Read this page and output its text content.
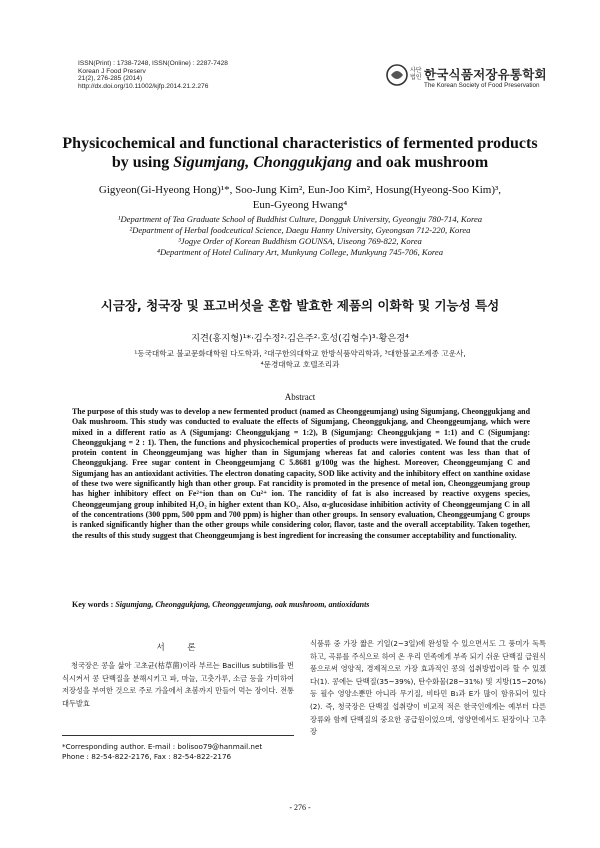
ISSN(Print) : 1738-7248, ISSN(Online) : 2287-7428
Korean J Food Preserv
21(2), 276-285 (2014)
http://dx.doi.org/10.11002/kjfp.2014.21.2.276
사단
법인 한국식품저장유통학회
The Korean Society of Food Preservation
Physicochemical and functional characteristics of fermented products
by using Sigumjang, Chonggukjang and oak mushroom
Gigyeon(Gi-Hyeong Hong)¹*, Soo-Jung Kim², Eun-Joo Kim², Hosung(Hyeong-Soo Kim)³,
Eun-Gyeong Hwang⁴
¹Department of Tea Graduate School of Buddhist Culture, Dongguk University, Gyeongju 780-714, Korea
²Department of Herbal foodceutical Science, Daegu Hanny University, Gyeongsan 712-220, Korea
³Jogye Order of Korean Buddhism GOUNSA, Uiseong 769-822, Korea
⁴Department of Hotel Culinary Art, Munkyung College, Munkyung 745-706, Korea
시금장, 청국장 및 표고버섯을 혼합 발효한 제품의 이화학 및 기능성 특성
지견(홍지형)¹*·김수정²·김은주²·호성(김형수)³·황은경⁴
¹동국대학교 불교문화대학원 다도학과, ²대구한의대학교 한방식품약리학과, ³대한불교조계종 고운사,
⁴문경대학교 호텔조리과
Abstract
The purpose of this study was to develop a new fermented product (named as Cheonggeumjang) using Sigumjang, Cheonggukjang and Oak mushroom. This study was conducted to evaluate the effects of Sigumjang, Cheonggukjang, and Cheonggeumjang, which were mixed in a different ratio as A (Sigumjang: Cheonggukjang = 1:2), B (Sigumjang: Cheonggukjang = 1:1) and C (Sigumjang: Cheonggukjang = 2 : 1). Then, the functions and physicochemical properties of products were investigated. We found that the crude protein content in Cheonggeumjang was higher than in Sigumjang whereas fat and calories content was less than that of Cheonggukjang. Free sugar content in Cheonggeumjang C 5.8681 g/100g was the highest. Moreover, Cheonggeumjang C and Sigumjang has an antioxidant activities. The electron donating capacity, SOD like activity and the inhibitory effect on xanthine oxidase of these two were significantly high than other group. Fat rancidity is promoted in the presence of metal ion, Cheonggeumjang group has higher inhibitory effect on Fe²⁺ion than on Cu²⁺ ion. The rancidity of fat is also increased by reactive oxygens species, Cheonggeumjang group inhibited H₂O₂ in higher extent than KO₂. Also, α-glucosidase inhibition activity of Cheonggeumjang C in all of the concentrations (300 ppm, 500 ppm and 700 ppm) is higher than other groups. In sensory evaluation, Cheonggeumjang C groups is ranked significantly higher than the other groups while considering color, flavor, taste and the overall acceptability. Taken together, the results of this study suggest that Cheonggeumjang is best ingredient for increasing the consumer acceptability and functionality.
Key words : Sigumjang, Cheonggukjang, Cheonggeumjang, oak mushroom, antioxidants
서 론
청국장은 콩을 삶아 고초균(枯草菌)이라 부르는 Bacillus subtilis를 번식시켜서 콩 단백질을 분해시키고 파, 마늘, 고춧가루, 소금 등을 가미하여 저장성을 부여한 것으로 주로 가을에서 초봄까지 만들어 먹는 장이다. 전통 대두발효
*Corresponding author. E-mail : bolisoo79@hanmail.net
Phone : 82-54-822-2176, Fax : 82-54-822-2176
식품류 중 가장 짧은 기일(2~3일)에 완성할 수 있으면서도 그 풍미가 독특하고, 곡류를 주식으로 하여 온 우리 민족에게 부족 되기 쉬운 단백질 급원식품으로써 영양적, 경제적으로 가장 효과적인 콩의 섭취방법이라 할 수 있겠다(1). 콩에는 단백질(35~39%), 탄수화물(28~31%) 및 지방(15~20%) 등 필수 영양소뿐만 아니라 무기질, 비타민 B₁과 E가 많이 함유되어 있다(2). 즉, 청국장은 단백질 섭취량이 비교적 적은 한국인에게는 예부터 다른 장류와 함께 단백질의 중요한 공급원이었으며, 영양면에서도 된장이나 고추장
- 276 -
